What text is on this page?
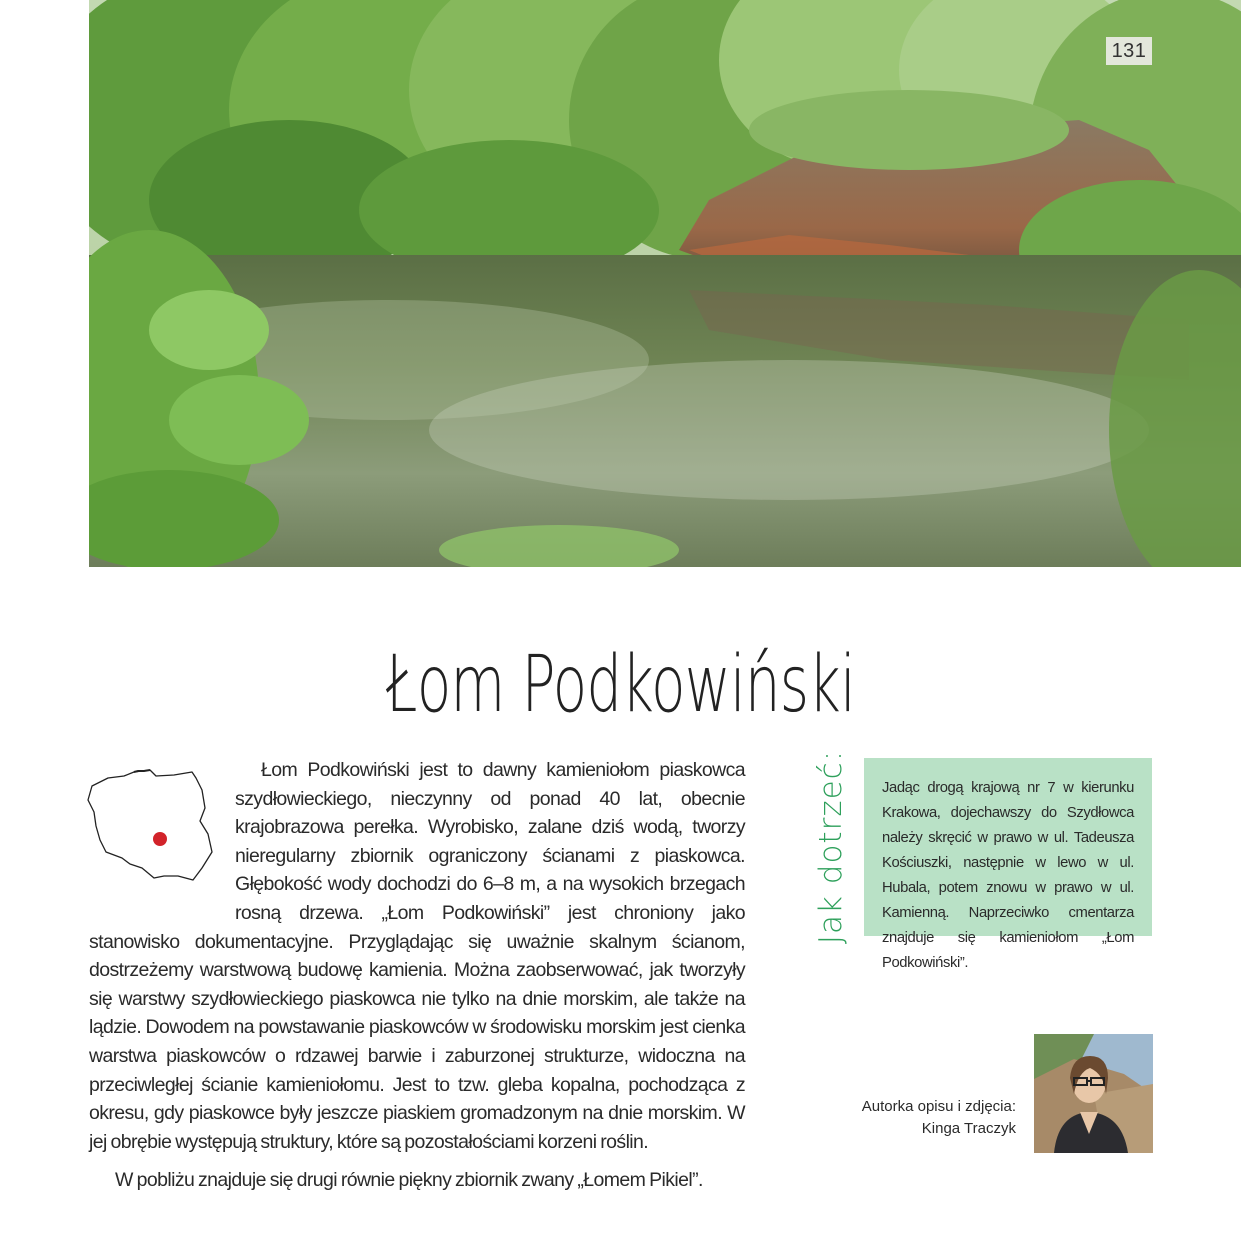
131
Łom Podkowiński

Łom Podkowiński jest to dawny kamieniołom piaskowca szydłowieckiego, nieczynny od ponad 40 lat, obecnie krajobrazowa perełka. Wyrobisko, zalane dziś wodą, tworzy nieregularny zbiornik ograniczony ścianami z piaskowca. Głębokość wody dochodzi do 6–8 m, a na wysokich brzegach rosną drzewa. „Łom Podkowiński” jest chroniony jako stanowisko dokumentacyjne. Przyglądając się uważnie skalnym ścianom, dostrzeżemy warstwową budowę kamienia. Można zaobserwować, jak tworzyły się warstwy szydłowieckiego piaskowca nie tylko na dnie morskim, ale także na lądzie. Dowodem na powstawanie piaskowców w środowisku morskim jest cienka warstwa piaskowców o rdzawej barwie i zaburzonej strukturze, widoczna na przeciwległej ścianie kamieniołomu. Jest to tzw. gleba kopalna, pochodząca z okresu, gdy piaskowce były jeszcze piaskiem gromadzonym na dnie morskim. W jej obrębie występują struktury, które są pozostałościami korzeni roślin.

W pobliżu znajduje się drugi równie piękny zbiornik zwany „Łomem Pikiel”.

Jak dotrzeć: Jadąc drogą krajową nr 7 w kierunku Krakowa, dojechawszy do Szydłowca należy skręcić w prawo w ul. Tadeusza Kościuszki, następnie w lewo w ul. Hubala, potem znowu w prawo w ul. Kamienną. Naprzeciwko cmentarza znajduje się kamieniołom „Łom Podkowiński”.

Autorka opisu i zdjęcia:
Kinga Traczyk
